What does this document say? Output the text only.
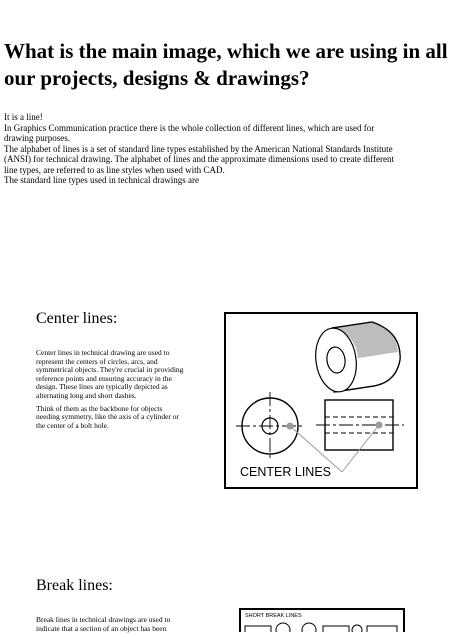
What is the main image, which we are using in all our projects, designs & drawings?

It is a line!

In Graphics Communication practice there is the whole collection of different lines, which are used for drawing purposes.

The alphabet of lines is a set of standard line types established by the American National Standards Institute (ANSI) for technical drawing. The alphabet of lines and the approximate dimensions used to create different line types, are referred to as line styles when used with CAD.

The standard line types used in technical drawings are

Center lines:

Center lines in technical drawing are used to represent the centers of circles, arcs, and symmetrical objects. They're crucial in providing reference points and ensuring accuracy in the design. These lines are typically depicted as alternating long and short dashes.

Think of them as the backbone for objects needing symmetry, like the axis of a cylinder or the center of a bolt hole.

CENTER LINES
Break lines:

Break lines in technical drawings are used to indicate that a section of an object has been

SHORT BREAK LINES
